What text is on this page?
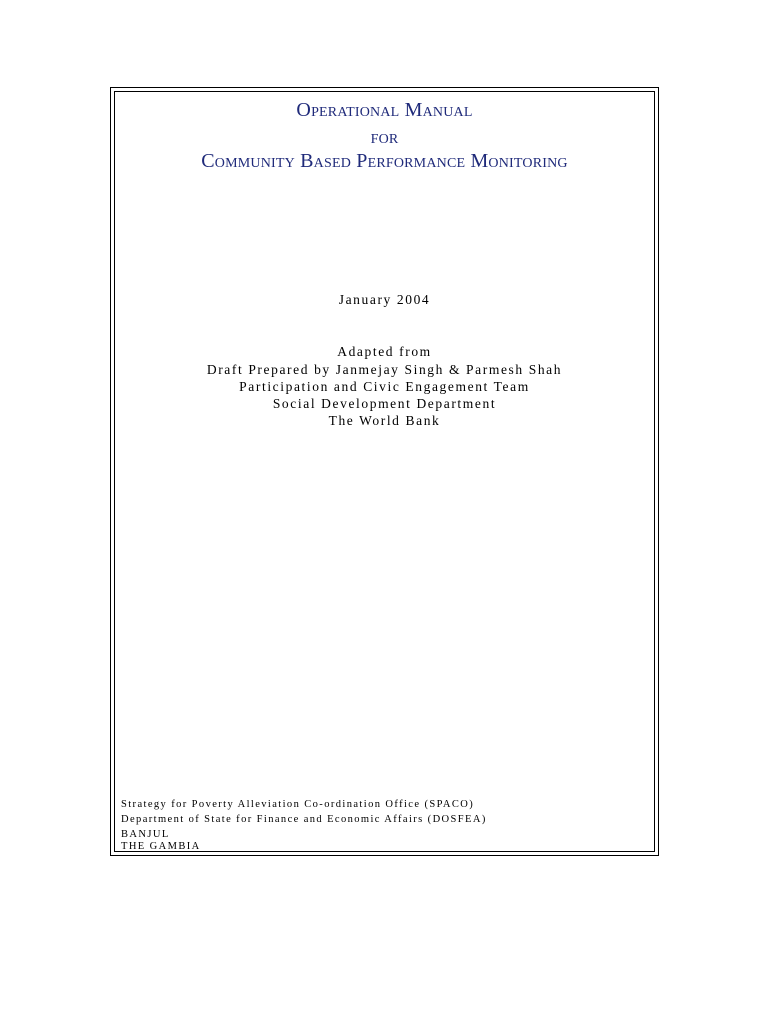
Operational Manual
for
Community Based Performance Monitoring
January 2004
Adapted from
Draft Prepared by Janmejay Singh & Parmesh Shah
Participation and Civic Engagement Team
Social Development Department
The World Bank
Strategy for Poverty Alleviation Co-ordination Office (SPACO)
Department of State for Finance and Economic Affairs (DOSFEA)
BANJUL
THE GAMBIA
